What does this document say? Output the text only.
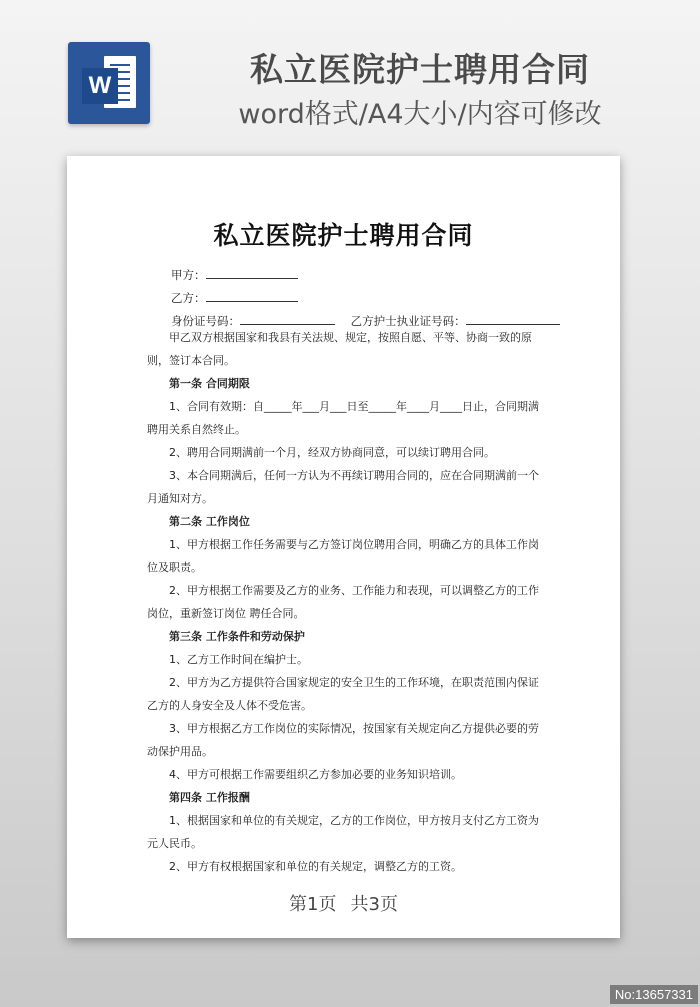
W	私立医院护士聘用合同
word格式/A4大小/内容可修改
私立医院护士聘用合同
甲方：
乙方：
身份证号码：	乙方护士执业证号码：

甲乙双方根据国家和我县有关法规、规定，按照自愿、平等、协商一致的原则，签订本合同。

第一条 合同期限

1、合同有效期：自_____年___月___日至_____年____月____日止，合同期满聘用关系自然终止。

2、聘用合同期满前一个月，经双方协商同意，可以续订聘用合同。

3、本合同期满后，任何一方认为不再续订聘用合同的，应在合同期满前一个月通知对方。

第二条 工作岗位

1、甲方根据工作任务需要与乙方签订岗位聘用合同，明确乙方的具体工作岗位及职责。

2、甲方根据工作需要及乙方的业务、工作能力和表现，可以调整乙方的工作岗位，重新签订岗位 聘任合同。

第三条 工作条件和劳动保护

1、乙方工作时间在编护士。

2、甲方为乙方提供符合国家规定的安全卫生的工作环境，在职责范围内保证乙方的人身安全及人体不受危害。

3、甲方根据乙方工作岗位的实际情况，按国家有关规定向乙方提供必要的劳动保护用品。

4、甲方可根据工作需要组织乙方参加必要的业务知识培训。

第四条 工作报酬

1、根据国家和单位的有关规定，乙方的工作岗位，甲方按月支付乙方工资为元人民币。

2、甲方有权根据国家和单位的有关规定，调整乙方的工资。

第1页 共3页
No:13657331
